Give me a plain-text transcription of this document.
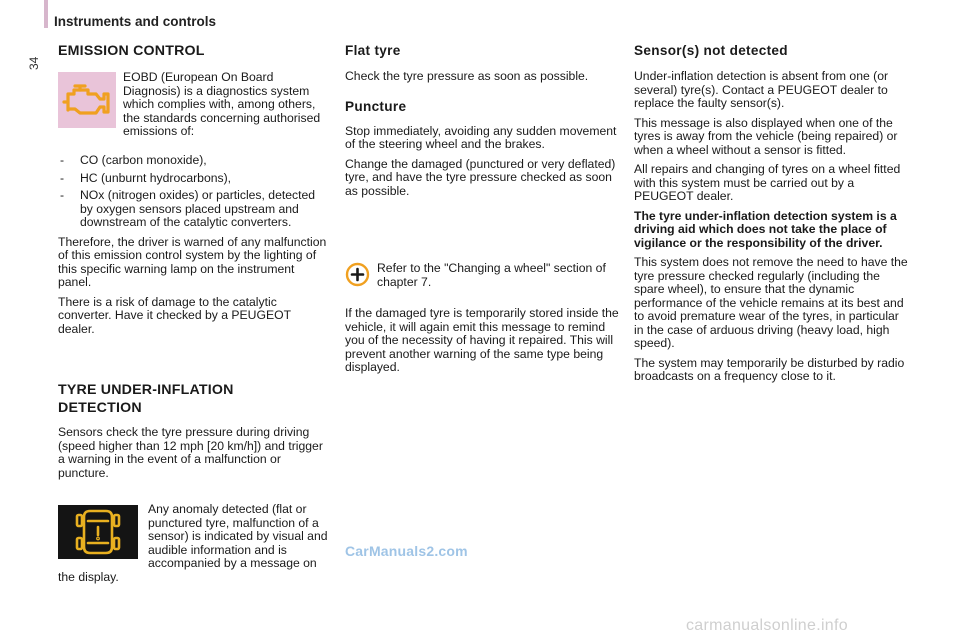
Instruments and controls
34
EMISSION CONTROL

EOBD (European On Board Diagnosis) is a diagnostics system which complies with, among others, the standards concerning authorised emissions of:

- CO (carbon monoxide),
- HC (unburnt hydrocarbons),
- NOx (nitrogen oxides) or particles, detected by oxygen sensors placed upstream and downstream of the catalytic converters.

Therefore, the driver is warned of any malfunction of this emission control system by the lighting of this specific warning lamp on the instrument panel.

There is a risk of damage to the catalytic converter. Have it checked by a PEUGEOT dealer.

TYRE UNDER-INFLATION
DETECTION

Sensors check the tyre pressure during driving (speed higher than 12 mph [20 km/h]) and trigger a warning in the event of a malfunction or puncture.

Any anomaly detected (flat or punctured tyre, malfunction of a sensor) is indicated by visual and audible information and is accompanied by a message on the display.

Flat tyre

Check the tyre pressure as soon as possible.

Puncture

Stop immediately, avoiding any sudden movement of the steering wheel and the brakes.

Change the damaged (punctured or very deflated) tyre, and have the tyre pressure checked as soon as possible.

Refer to the "Changing a wheel" section of chapter 7.

If the damaged tyre is temporarily stored inside the vehicle, it will again emit this message to remind you of the necessity of having it repaired. This will prevent another warning of the same type being displayed.

Sensor(s) not detected

Under-inflation detection is absent from one (or several) tyre(s). Contact a PEUGEOT dealer to replace the faulty sensor(s).

This message is also displayed when one of the tyres is away from the vehicle (being repaired) or when a wheel without a sensor is fitted.

All repairs and changing of tyres on a wheel fitted with this system must be carried out by a PEUGEOT dealer.

The tyre under-inflation detection system is a driving aid which does not take the place of vigilance or the responsibility of the driver.

This system does not remove the need to have the tyre pressure checked regularly (including the spare wheel), to ensure that the dynamic performance of the vehicle remains at its best and to avoid premature wear of the tyres, in particular in the case of arduous driving (heavy load, high speed).

The system may temporarily be disturbed by radio broadcasts on a frequency close to it.

CarManuals2.com
carmanualsonline.info
